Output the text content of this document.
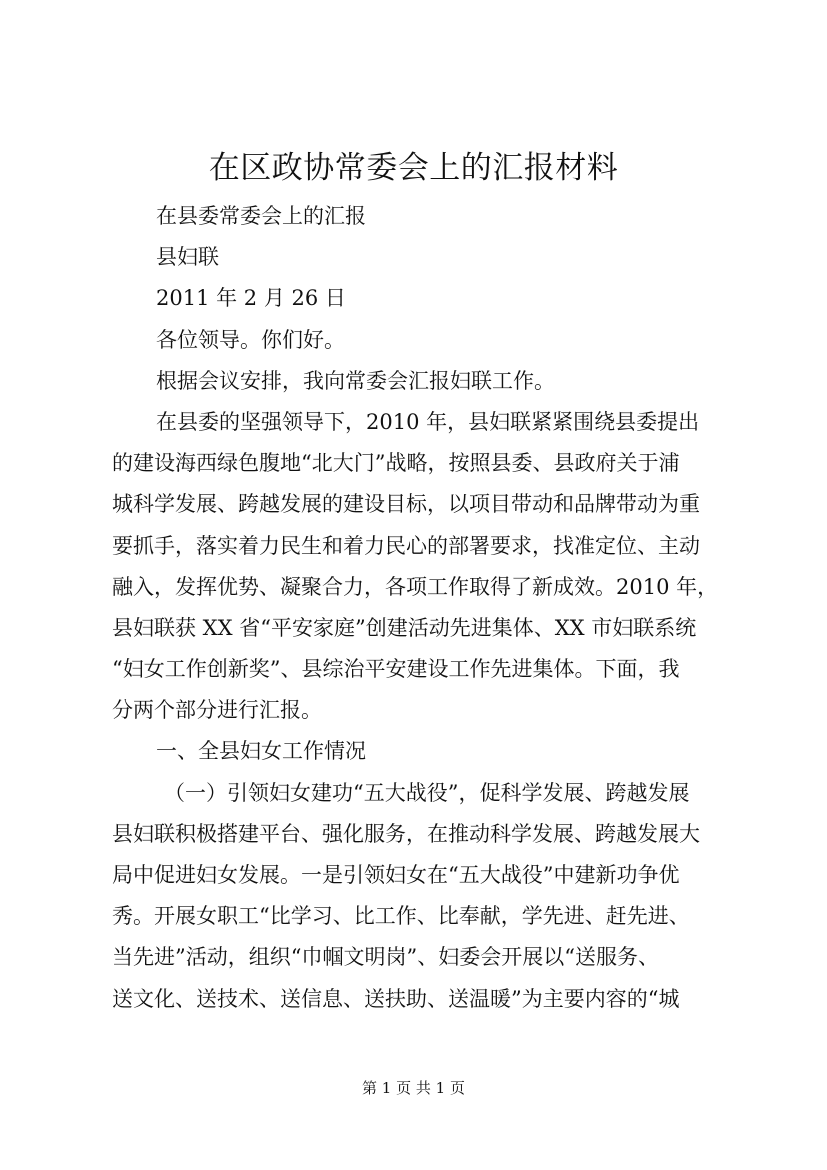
在区政协常委会上的汇报材料
在县委常委会上的汇报
县妇联
2011 年 2 月 26 日
各位领导。你们好。
根据会议安排，我向常委会汇报妇联工作。
在县委的坚强领导下，2010 年，县妇联紧紧围绕县委提出
的建设海西绿色腹地“北大门”战略，按照县委、县政府关于浦
城科学发展、跨越发展的建设目标，以项目带动和品牌带动为重
要抓手，落实着力民生和着力民心的部署要求，找准定位、主动
融入，发挥优势、凝聚合力，各项工作取得了新成效。2010 年，
县妇联获 XX 省“平安家庭”创建活动先进集体、XX 市妇联系统
“妇女工作创新奖”、县综治平安建设工作先进集体。下面，我
分两个部分进行汇报。
一、全县妇女工作情况
（一）引领妇女建功“五大战役”，促科学发展、跨越发展
县妇联积极搭建平台、强化服务，在推动科学发展、跨越发展大
局中促进妇女发展。一是引领妇女在“五大战役”中建新功争优
秀。开展女职工“比学习、比工作、比奉献，学先进、赶先进、
当先进”活动，组织“巾帼文明岗”、妇委会开展以“送服务、
送文化、送技术、送信息、送扶助、送温暖”为主要内容的“城
第 1 页 共 1 页
